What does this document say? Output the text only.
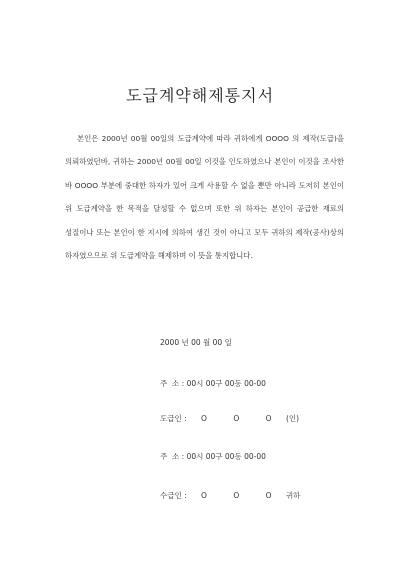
도급계약해제통지서

본인은 2000년 00월 00일의 도급계약에 따라 귀하에게 OOOO 의 제작(도급)을 의뢰하였던바, 귀하는 2000년 00월 00일 이것을 인도하였으나 본인이 이것을 조사한 바 OOOO 부분에 중대한 하자가 있어 크게 사용할 수 없을 뿐만 아니라 도저히 본인이 위 도급계약을 한 목적을 달성할 수 없으며 또한 위 하자는 본인이 공급한 재료의 성질이나 또는 본인이 한 지시에 의하여 생긴 것이 아니고 모두 귀하의 제작(공사)상의 하자였으므로 위 도급계약을 해제하며 이 뜻을 통지합니다.

2000 년 00 월 00 일
주  소 : 00시 00구 00동 00-00
도급인 : O	O	O (인)
주  소 : 00시 00구 00동 00-00
수급인 : O	O	O 귀하
